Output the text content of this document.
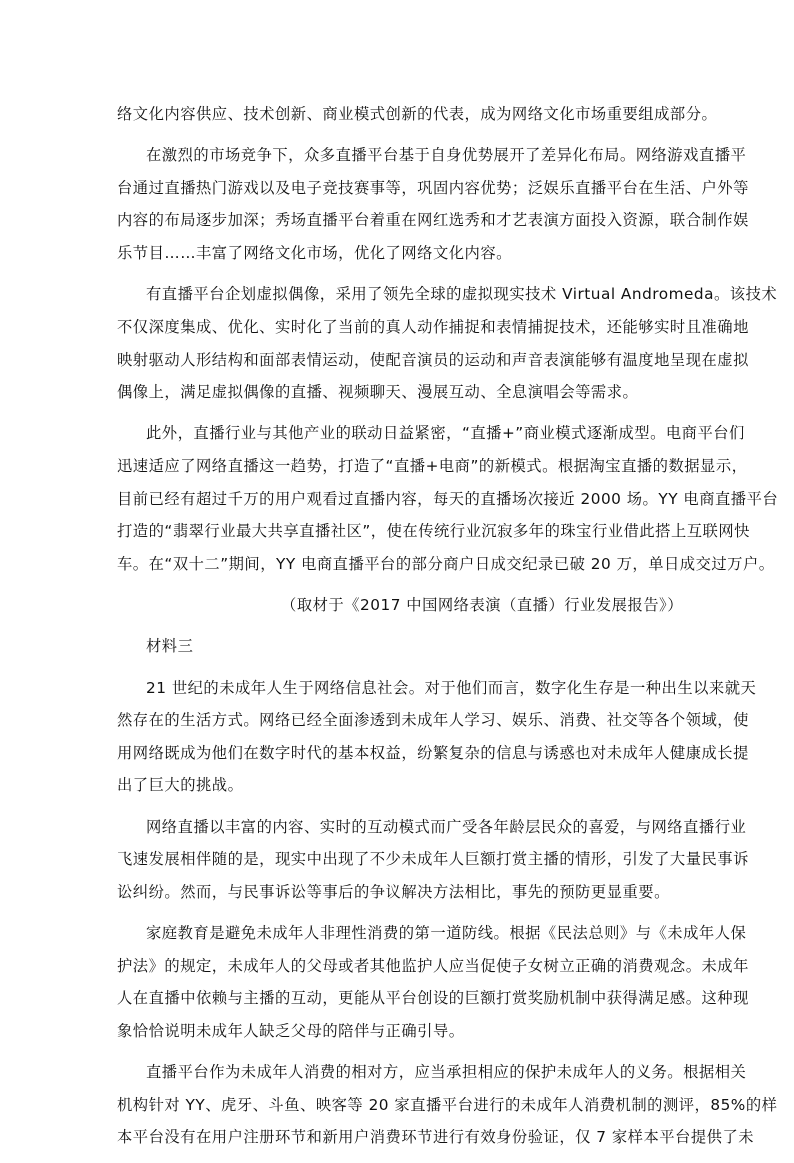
络文化内容供应、技术创新、商业模式创新的代表，成为网络文化市场重要组成部分。
在激烈的市场竞争下，众多直播平台基于自身优势展开了差异化布局。网络游戏直播平
台通过直播热门游戏以及电子竞技赛事等，巩固内容优势；泛娱乐直播平台在生活、户外等
内容的布局逐步加深；秀场直播平台着重在网红选秀和才艺表演方面投入资源，联合制作娱
乐节目……丰富了网络文化市场，优化了网络文化内容。
有直播平台企划虚拟偶像，采用了领先全球的虚拟现实技术 Virtual Andromeda。该技术
不仅深度集成、优化、实时化了当前的真人动作捕捉和表情捕捉技术，还能够实时且准确地
映射驱动人形结构和面部表情运动，使配音演员的运动和声音表演能够有温度地呈现在虚拟
偶像上，满足虚拟偶像的直播、视频聊天、漫展互动、全息演唱会等需求。
此外，直播行业与其他产业的联动日益紧密，“直播+”商业模式逐渐成型。电商平台们
迅速适应了网络直播这一趋势，打造了“直播+电商”的新模式。根据淘宝直播的数据显示，
目前已经有超过千万的用户观看过直播内容，每天的直播场次接近 2000 场。YY 电商直播平台
打造的“翡翠行业最大共享直播社区”，使在传统行业沉寂多年的珠宝行业借此搭上互联网快
车。在“双十二”期间，YY 电商直播平台的部分商户日成交纪录已破 20 万，单日成交过万户。
（取材于《2017 中国网络表演（直播）行业发展报告》）
材料三
21 世纪的未成年人生于网络信息社会。对于他们而言，数字化生存是一种出生以来就天
然存在的生活方式。网络已经全面渗透到未成年人学习、娱乐、消费、社交等各个领域，使
用网络既成为他们在数字时代的基本权益，纷繁复杂的信息与诱惑也对未成年人健康成长提
出了巨大的挑战。
网络直播以丰富的内容、实时的互动模式而广受各年龄层民众的喜爱，与网络直播行业
飞速发展相伴随的是，现实中出现了不少未成年人巨额打赏主播的情形，引发了大量民事诉
讼纠纷。然而，与民事诉讼等事后的争议解决方法相比，事先的预防更显重要。
家庭教育是避免未成年人非理性消费的第一道防线。根据《民法总则》与《未成年人保
护法》的规定，未成年人的父母或者其他监护人应当促使子女树立正确的消费观念。未成年
人在直播中依赖与主播的互动，更能从平台创设的巨额打赏奖励机制中获得满足感。这种现
象恰恰说明未成年人缺乏父母的陪伴与正确引导。
直播平台作为未成年人消费的相对方，应当承担相应的保护未成年人的义务。根据相关
机构针对 YY、虎牙、斗鱼、映客等 20 家直播平台进行的未成年人消费机制的测评，85%的样
本平台没有在用户注册环节和新用户消费环节进行有效身份验证，仅 7 家样本平台提供了未
